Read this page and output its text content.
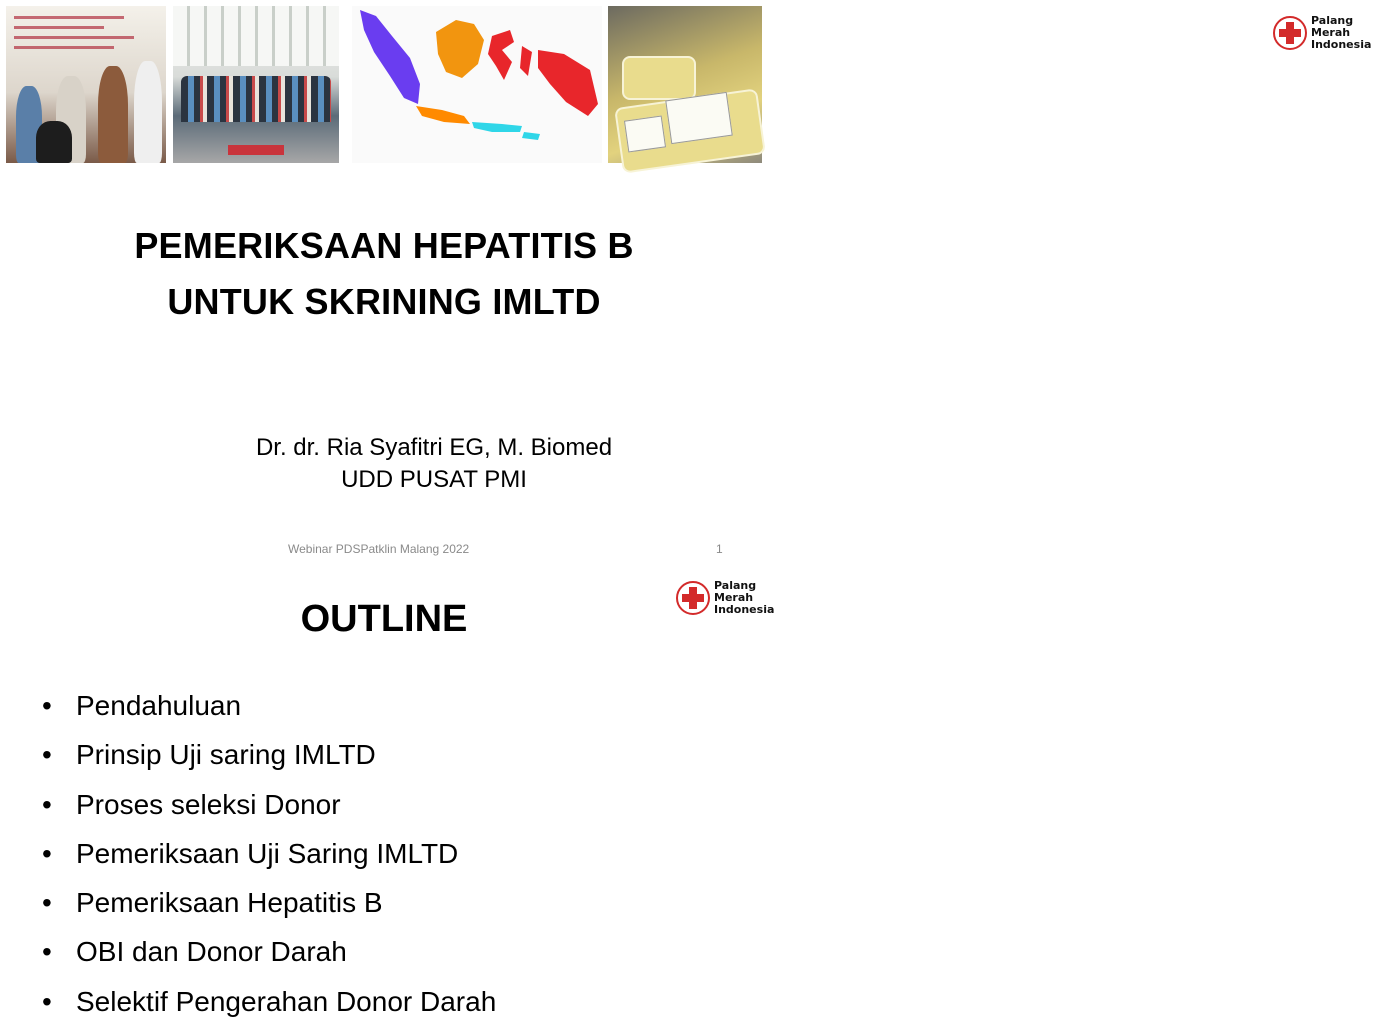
Palang
Merah
Indonesia
PEMERIKSAAN HEPATITIS B
UNTUK SKRINING IMLTD
Dr. dr. Ria Syafitri EG, M. Biomed
UDD PUSAT PMI
Webinar PDSPatklin Malang 2022	1
Palang
Merah
Indonesia
OUTLINE
• Pendahuluan
• Prinsip Uji saring IMLTD
• Proses seleksi Donor
• Pemeriksaan Uji Saring IMLTD
• Pemeriksaan Hepatitis B
• OBI dan Donor Darah
• Selektif Pengerahan Donor Darah
